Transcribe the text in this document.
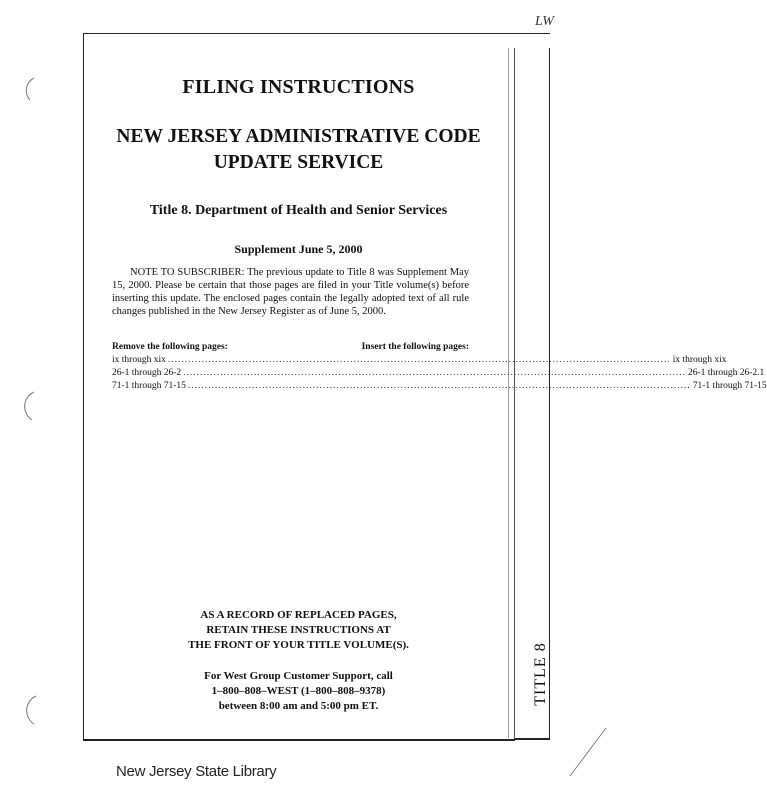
LW
FILING INSTRUCTIONS
NEW JERSEY ADMINISTRATIVE CODE
UPDATE SERVICE
Title 8. Department of Health and Senior Services
Supplement June 5, 2000
NOTE TO SUBSCRIBER: The previous update to Title 8 was Supplement May 15, 2000. Please be certain that those pages are filed in your Title volume(s) before inserting this update. The enclosed pages contain the legally adopted text of all rule changes published in the New Jersey Register as of June 5, 2000.
Remove the following pages:	Insert the following pages:
ix through xix ..................................................................................................................................................... ix through xix
26-1 through 26-2 ..................................................................................................................................................... 26-1 through 26-2.1
71-1 through 71-15 ..................................................................................................................................................... 71-1 through 71-15
AS A RECORD OF REPLACED PAGES,
RETAIN THESE INSTRUCTIONS AT
THE FRONT OF YOUR TITLE VOLUME(S).
For West Group Customer Support, call
1–800–808–WEST (1–800–808–9378)
between 8:00 am and 5:00 pm ET.
TITLE 8
New Jersey State Library
